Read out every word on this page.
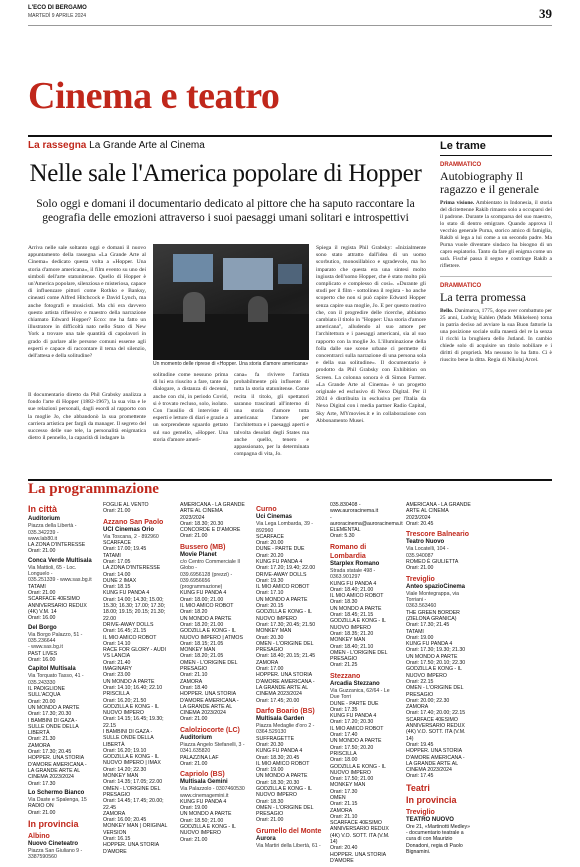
L'ECO DI BERGAMO
MARTEDÌ 9 APRILE 2024	39
Cinema e teatro
La rassegna La Grande Arte al Cinema
Nelle sale l'America popolare di Hopper
Solo oggi e domani il documentario dedicato al pittore che ha saputo raccontare la geografia delle emozioni attraverso i suoi paesaggi umani solitari e introspettivi
Arriva nelle sale soltanto oggi e domani il nuovo appuntamento della rassegna «La Grande Arte al Cinema» dedicato questa volta a «Hopper. Una storia d'amore americana», il film evento su uno dei simboli dell'arte statunitense. Quello di Hopper è un'America popolare, silenziosa e misteriosa, capace di influenzare pittori come Rothko e Banksy, cineasti come Alfred Hitchcock e David Lynch, ma anche fotografi e musicisti. Ma chi era davvero questo artista riflessivo e maestro della narrazione chiamato Edward Hopper? Ecco: me ha fatto un illustratore in difficoltà nato nello Stato di New York a trovare una tale quantità di capolavori in grado di parlare alle persone comuni esseme agli esperti e capace di raccontare il tema del silenzio, dell'attesa e della solitudine?
Il documentario diretto da Phil Grabsky analizza a fondo l'arte di Hopper (1882-1967), la sua vita e le sue relazioni personali, dagli esordi al rapporto con la moglie Jo, che abbandonò la sua promettente carriera artistica per fargli da manager. Il segreto del successo delle sue tele, la personalità enigmatica dietro il pennello, la capacità di indagare la
Un momento delle riprese di «Hopper. Una storia d'amore americana»
solitudine come nessuno prima di lui era riuscito a fare, tante da dialogare, a distanza di decenni, anche con chi, in periodo Covid, si è trovato recluso, solo, isolato. Con l'ausilio di interviste di esperti e letture di diari e grazie a un sorprendente sguardo gettato sul suo gemello, «Hopper. Una storia d'amore ameri-
cana» fa rivivere l'artista probabilmente più influente di tutta la storia statunitense. Come recita il titolo, gli spettatori saranno trascinati all'interno di una storia d'amore tutta americana: l'amore per l'architettura e i paesaggi aperti e talvolta desolati degli States ma anche quello, tenero e appassionato, per la determinata compagna di vita, Jo.
Spiega il regista Phil Grabsky: «Inizialmente sono stato attratto dall'idea di un uomo scorbutico, monosillabico e sgradevole, ma ho imparato che questa era una sintesi molto ingiusta dell'uomo Hopper, che è stato molto più complicato e complesso di così». «Durante gli studi per il film - sottolinea il regista - ho anche scoperto che non si può capire Edward Hopper senza capire sua moglie, Jo. E per questo motivo che, con il progredire delle ricerche, abbiamo cambiato il titolo in "Hopper: Una storia d'amore americana", alludendo al suo amore per l'architettura e i paesaggi americani, sia al suo rapporto con la moglie Jo. L'illuminazione della folla dalle sue scene urbane ci permette di concentrarci sulla narrazione di una persona sola e della sua solitudine». Il documentario è prodotto da Phil Grabsky con Exhibition on Screen. La colonna sonora è di Simon Farmer. «La Grande Arte al Cinema» è un progetto originale ed esclusivo di Nexo Digital. Per il 2024 è distribuita in esclusiva per l'Italia da Nexo Digital con i media partner Radio Capital, Sky Arte, MYmovies.it e in collaborazione con Abbonamento Musei.
Le trame
DRAMMATICO
Autobiography Il ragazzo e il generale
Prima visione. Ambientato in Indonesia, il storia del dicitettenne Rakib rimasto solo a occuparsi dei il padrone. Durante la scomparsa del suo maestro, lo stato di dentro emigrare. Quando approva il vecchio generale Purna, storico amico di famiglia, Rakib si lega a lui come a un secondo padre. Ma Purna vuole diventare sindaco ha bisogno di un capro espiatorio. Tanto da fare gli enigma come un sarà. Fisché passa il segno e costringe Rakib a riflettere.
DRAMMATICO
La terra promessa
Bello. Danimarca, 1775, dopo aver combattuto per 25 anni, Ludvig Kahlen (Mads Mikkelsen) torna in patria deciso ad avviare la sua Buon fattorie la una posizione sociale sulla maestà del re la senza il ricchi la brughiera dello Jutland. In cambio chiede solo di acquisire un titolo nobiliare e i diritti di proprietà. Ma nessuno lo ha fatto. Ci è riuscito bene la ditta. Regia di Nikolaj Arcel.
La programmazione
In città
Auditorium
Piazza della Libertà - 035.342239 -
www.lab80.it
LA ZONA D'INTERESSE
Orari: 21.00
Conca Verde Multisala
Via Mattioli, 65 - Loc. Longuelo -
035.251339 - www.sas.bg.it
TATAMI
Orari: 21.00
SCARFACE 40ESIMO
ANNIVERSARIO REDUX (4K) V.M. 14
Orari: 16.00
Del Borgo
Via Borgo Palazzo, 51 - 035.236644
- www.sas.bg.it
PAST LIVES
Orari: 16.00
Capitol Multisala
Via Torquato Tasso, 41 - 035.243330
IL PADIGLIONE SULL'ACQUA
Orari: 20.00
UN MONDO A PARTE
Orari: 17.30; 20.30
I BAMBINI DI GAZA - SULLE ONDE DELLA LIBERTÀ
Orari: 21.30
ZAMORA
Orari: 17.30; 20.45
HOPPER. UNA STORIA D'AMORE AMERICANA - LA GRANDE ARTE AL CINEMA 2023/2024
Orari: 17.30
Lo Schermo Bianco
Via Daste e Spalenga, 15
RADIO ON
Orari: 21.00
In provincia
Albino
Nuovo Cineteatro
Piazza San Giuliano 9 - 3387590560
FOGLIE AL VENTO
Orari: 21.00
Azzano San Paolo
UCI Cinemas Orio
Via Toscana, 2 - 892960
SCARFACE
Orari: 17.00; 19.45
TATAMI
Orari: 17.05
LA ZONA D'INTERESSE
Orari: 14.00
DUNE 2 IMAX
Orari: 18.15
KUNG FU PANDA 4
Orari: 14.00; 14.30; 15.00; 15.30; 16.30; 17.00; 17.30; 18.00; 19.15; 20.15; 21.30; 22.00
DRIVE-AWAY DOLLS
Orari: 16.45; 21.15
IL MIO AMICO ROBOT
Orari: 14.10
RACE FOR GLORY - AUDI VS LANCIA
Orari: 21.40
IMAGINARY
Orari: 23.00
UN MONDO A PARTE
Orari: 14.10; 16.40; 22.10
PRISCILLA
Orari: 16.20; 21.50
GODZILLA E KONG - IL NUOVO IMPERO
Orari: 14.15; 16.45; 19.30; 22.15
I BAMBINI DI GAZA - SULLE ONDE DELLA LIBERTÀ
Orari: 16.20; 19.10
GODZILLA E KONG - IL NUOVO IMPERO | IMAX
Orari: 14.20; 22.30
MONKEY MAN
Orari: 14.35; 17.05; 22.00
OMEN - L'ORIGINE DEL PRESAGIO
Orari: 14.45; 17.45; 20.00; 22.45
ZAMORA
Orari: 16.00; 20.45
MONKEY MAN | ORIGINAL VERSION
Orari: 16.15
HOPPER. UNA STORIA D'AMORE
AMERICANA - LA GRANDE ARTE AL CINEMA 2023/2024
Orari: 18.30; 20.30
CONCORDE E D'AMORE
Orari: 21.00
Bussero (MB)
Movie Planet
c/o Centro Commerciale Il Globo -
039.6956128 (prezzi) - 039.6956656
(programmazione)
KUNG FU PANDA 4
Orari: 18.00; 21.00
IL MIO AMICO ROBOT
Orari: 18.20
UN MONDO A PARTE
Orari: 18.20; 21.00
GODZILLA E KONG - IL NUOVO IMPERO | ATMOS
Orari: 18.15; 21.05
MONKEY MAN
Orari: 18.20; 21.05
OMEN - L'ORIGINE DEL PRESAGIO
Orari: 21.10
ZAMORA
Orari: 18.40
HOPPER. UNA STORIA D'AMORE AMERICANA - LA GRANDE ARTE AL CINEMA 2023/2024
Orari: 21.00
Calolziocorte (LC)
Auditorium
Piazza Angelo Stefanelli, 3 -
0341.635820
PALAZZINA LAF
Orari: 21.00
Capriolo (BS)
Multisala Gemini
Via Palazzolo - 0307460530
www.cinemagemini.it
KUNG FU PANDA 4
Orari: 19.00
UN MONDO A PARTE
Orari: 18.50; 21.00
GODZILLA E KONG - IL NUOVO IMPERO
Orari: 21.00
Curno
Uci Cinemas
Via Lega Lombarda, 39 - 892960
SCARFACE
Orari: 20.00
DUNE - PARTE DUE
Orari: 20.20
KUNG FU PANDA 4
Orari: 17.20; 19.40; 22.00
DRIVE-AWAY DOLLS
Orari: 19.30
IL MIO AMICO ROBOT
Orari: 17.10
UN MONDO A PARTE
Orari: 20.15
GODZILLA E KONG - IL NUOVO IMPERO
Orari: 17.30; 20.45; 21.50
MONKEY MAN
Orari: 20.30
OMEN - L'ORIGINE DEL PRESAGIO
Orari: 18.40; 20.15; 21.45
ZAMORA
Orari: 17.00
HOPPER. UNA STORIA D'AMORE AMERICANA - LA GRANDE ARTE AL CINEMA 2023/2024
Orari: 17.45; 20.00
Darfo Boario (BS)
Multisala Garden
Piazza Medaglie d'oro 2 -
0364.529130
SUFFRAGETTE
Orari: 20.30
KUNG FU PANDA 4
Orari: 18.30; 20.45
IL MIO AMICO ROBOT
Orari: 19.00
UN MONDO A PARTE
Orari: 18.30; 20.30
GODZILLA E KONG - IL NUOVO IMPERO
Orari: 18.30
OMEN - L'ORIGINE DEL PRESAGIO
Orari: 21.00
Grumello del Monte
Aurora
Via Martiri della Libertà, 61 -
035.830408 - www.auroracinema.it
- auroracinema@auroracinema.it
ELEMENTAL
Orari: 5.30
Romano di Lombardia
Starplex Romano
Strada statale 498 - 0363.901297
KUNG FU PANDA 4
Orari: 18.40; 21.00
IL MIO AMICO ROBOT
Orari: 18.30
UN MONDO A PARTE
Orari: 18.45; 21.15
GODZILLA E KONG - IL NUOVO IMPERO
Orari: 18.35; 21.20
MONKEY MAN
Orari: 18.40; 21.10
OMEN - L'ORIGINE DEL PRESAGIO
Orari: 21.25
Stezzano
Arcadia Stezzano
Via Guzzanica, 62/64 - Le Due Torri
DUNE - PARTE DUE
Orari: 17.35
KUNG FU PANDA 4
Orari: 17.20; 20.30
IL MIO AMICO ROBOT
Orari: 17.40
UN MONDO A PARTE
Orari: 17.50; 20.20
PRISCILLA
Orari: 18.00
GODZILLA E KONG - IL NUOVO IMPERO
Orari: 17.50; 21.00
MONKEY MAN
Orari: 17.30
OMEN
Orari: 21.15
ZAMORA
Orari: 21.10
SCARFACE 40ESIMO ANNIVERSARIO REDUX (4K) V.O. SOTT. ITA (V.M. 14)
Orari: 20.40
HOPPER. UNA STORIA D'AMORE
AMERICANA - LA GRANDE ARTE AL CINEMA 2023/2024
Orari: 20.45
Trescore Balneario
Teatro Nuovo
Via Locatelli, 104 - 035.940087
ROMEO È GIULIETTA
Orari: 21.00
Treviglio
Anteo spazioCinema
Viale Montegrappa, via Torriani -
0363.563460
THE GREEN BORDER (ZIELONA GRANICA)
Orari: 17.30; 21.45
TATAMI
Orari: 19.00
KUNG FU PANDA 4
Orari: 17.30; 19.30; 21.30
UN MONDO A PARTE
Orari: 17.50; 20.10; 22.30
GODZILLA E KONG - IL NUOVO IMPERO
Orari: 22.15
OMEN - L'ORIGINE DEL PRESAGIO
Orari: 20.00; 22.30
ZAMORA
Orari: 17.40; 20.00; 22.15
SCARFACE 40ESIMO ANNIVERSARIO REDUX (4K) V.O. SOTT. ITA (V.M. 14)
Orari: 19.45
HOPPER. UNA STORIA D'AMORE AMERICANA - LA GRANDE ARTE AL CINEMA 2023/2024
Orari: 17.45
Teatri
In provincia
Treviglio
TEATRO NUOVO
Ore 21, «Martinotti Medley» - documentario teatrale a cura di con Maurizio Donadoni, regia di Paolo Bignamini.
